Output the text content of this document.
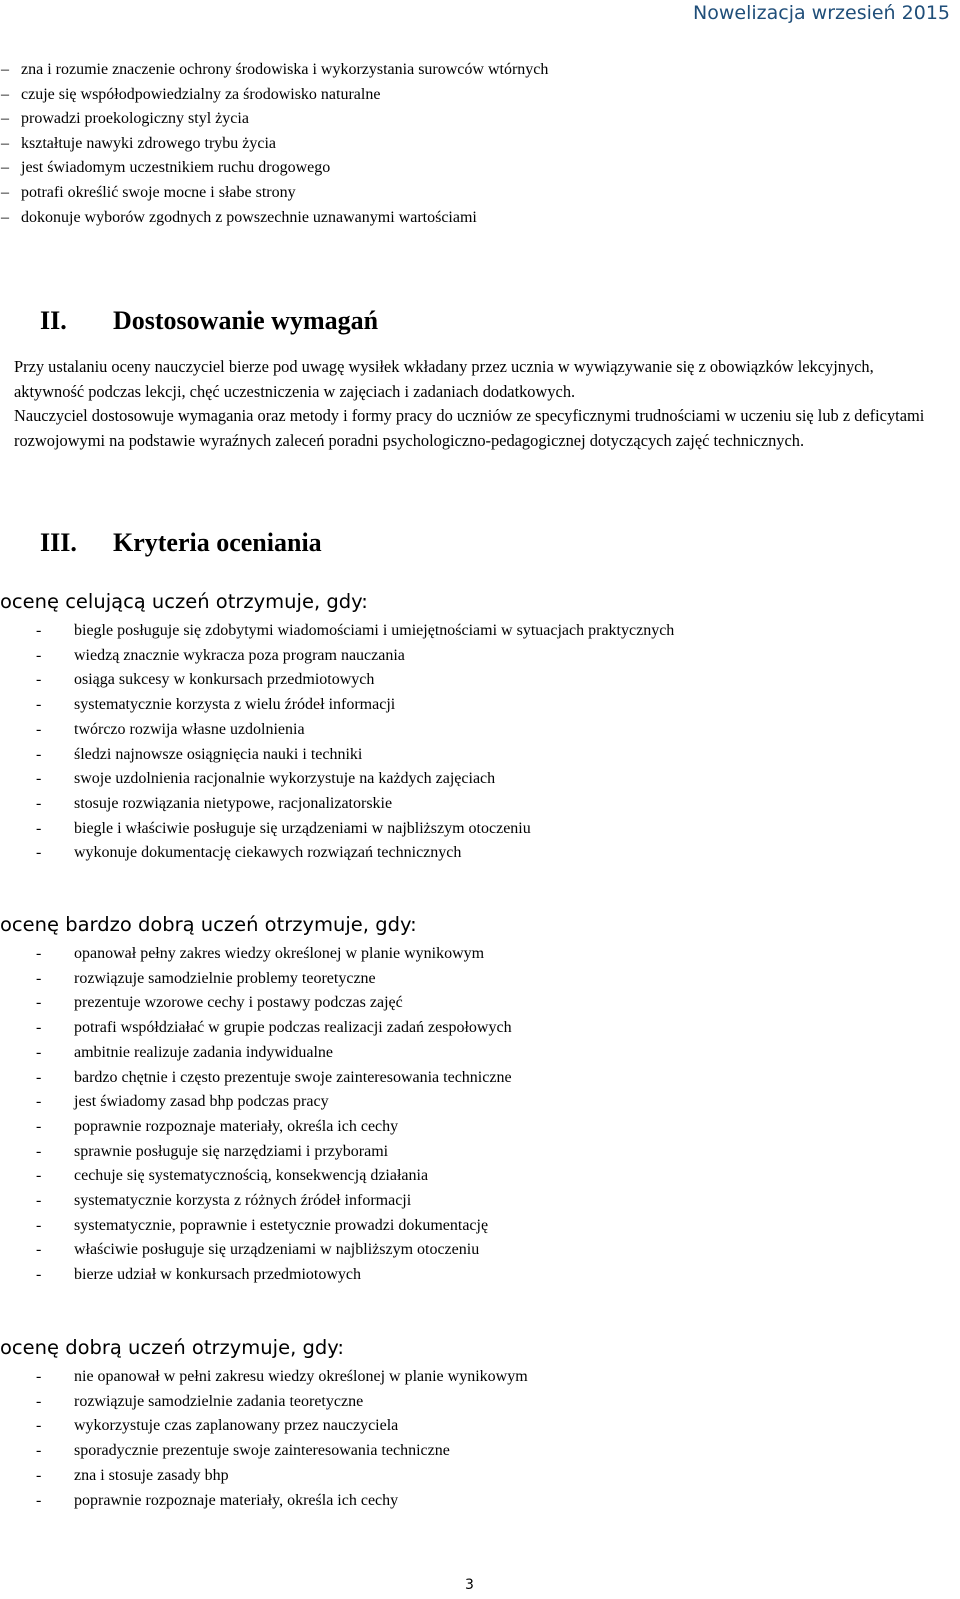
Nowelizacja wrzesień 2015
– zna i rozumie znaczenie ochrony środowiska i wykorzystania surowców wtórnych
– czuje się współodpowiedzialny za środowisko naturalne
– prowadzi proekologiczny styl życia
– kształtuje nawyki zdrowego trybu życia
– jest świadomym uczestnikiem ruchu drogowego
– potrafi określić swoje mocne i słabe strony
– dokonuje wyborów zgodnych z powszechnie uznawanymi wartościami
II. Dostosowanie wymagań

Przy ustalaniu oceny nauczyciel bierze pod uwagę wysiłek wkładany przez ucznia w wywiązywanie się z obowiązków lekcyjnych, aktywność podczas lekcji, chęć uczestniczenia w zajęciach i zadaniach dodatkowych.

Nauczyciel dostosowuje wymagania oraz metody i formy pracy do uczniów ze specyficznymi trudnościami w uczeniu się lub z deficytami rozwojowymi na podstawie wyraźnych zaleceń poradni psychologiczno-pedagogicznej dotyczących zajęć technicznych.

III. Kryteria oceniania
ocenę celującą uczeń otrzymuje, gdy:
- biegle posługuje się zdobytymi wiadomościami i umiejętnościami w sytuacjach praktycznych
- wiedzą znacznie wykracza poza program nauczania
- osiąga sukcesy w konkursach przedmiotowych
- systematycznie korzysta z wielu źródeł informacji
- twórczo rozwija własne uzdolnienia
- śledzi najnowsze osiągnięcia nauki i techniki
- swoje uzdolnienia racjonalnie wykorzystuje na każdych zajęciach
- stosuje rozwiązania nietypowe, racjonalizatorskie
- biegle i właściwie posługuje się urządzeniami w najbliższym otoczeniu
- wykonuje dokumentację ciekawych rozwiązań technicznych
ocenę bardzo dobrą uczeń otrzymuje, gdy:
- opanował pełny zakres wiedzy określonej w planie wynikowym
- rozwiązuje samodzielnie problemy teoretyczne
- prezentuje wzorowe cechy i postawy podczas zajęć
- potrafi współdziałać w grupie podczas realizacji zadań zespołowych
- ambitnie realizuje zadania indywidualne
- bardzo chętnie i często prezentuje swoje zainteresowania techniczne
- jest świadomy zasad bhp podczas pracy
- poprawnie rozpoznaje materiały, określa ich cechy
- sprawnie posługuje się narzędziami i przyborami
- cechuje się systematycznością, konsekwencją działania
- systematycznie korzysta z różnych źródeł informacji
- systematycznie, poprawnie i estetycznie prowadzi dokumentację
- właściwie posługuje się urządzeniami w najbliższym otoczeniu
- bierze udział w konkursach przedmiotowych
ocenę dobrą uczeń otrzymuje, gdy:
- nie opanował w pełni zakresu wiedzy określonej w planie wynikowym
- rozwiązuje samodzielnie zadania teoretyczne
- wykorzystuje czas zaplanowany przez nauczyciela
- sporadycznie prezentuje swoje zainteresowania techniczne
- zna i stosuje zasady bhp
- poprawnie rozpoznaje materiały, określa ich cechy
3
